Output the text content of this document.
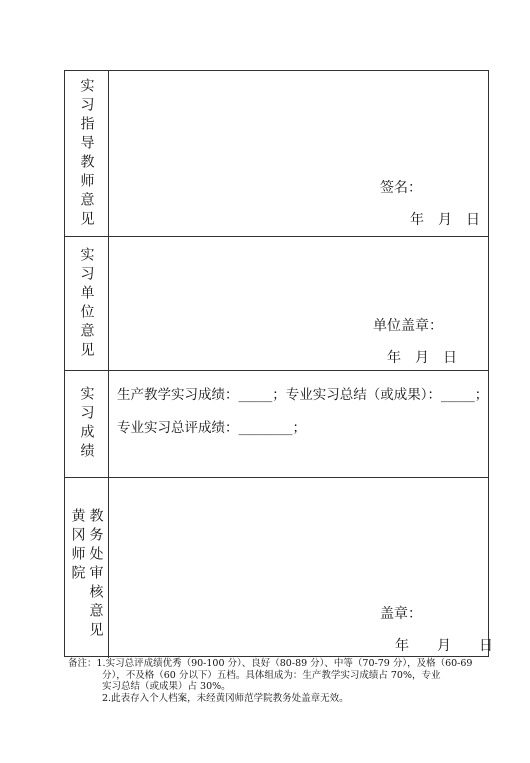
实习指导教师意见	签名：
年　月　日
实习单位意见	单位盖章：
年　月　日
实习成绩 生产教学实习成绩：_____；专业实习总结（或成果）：_____；
专业实习总评成绩：________；
黄冈师院 教务处审核意见	盖章：
年　　月　　日
备注：1.实习总评成绩优秀（90-100 分）、良好（80-89 分）、中等（70-79 分），及格（60-69
分），不及格（60 分以下）五档。具体组成为：生产教学实习成绩占 70%，专业
实习总结（或成果）占 30%。
2.此表存入个人档案，未经黄冈师范学院教务处盖章无效。
